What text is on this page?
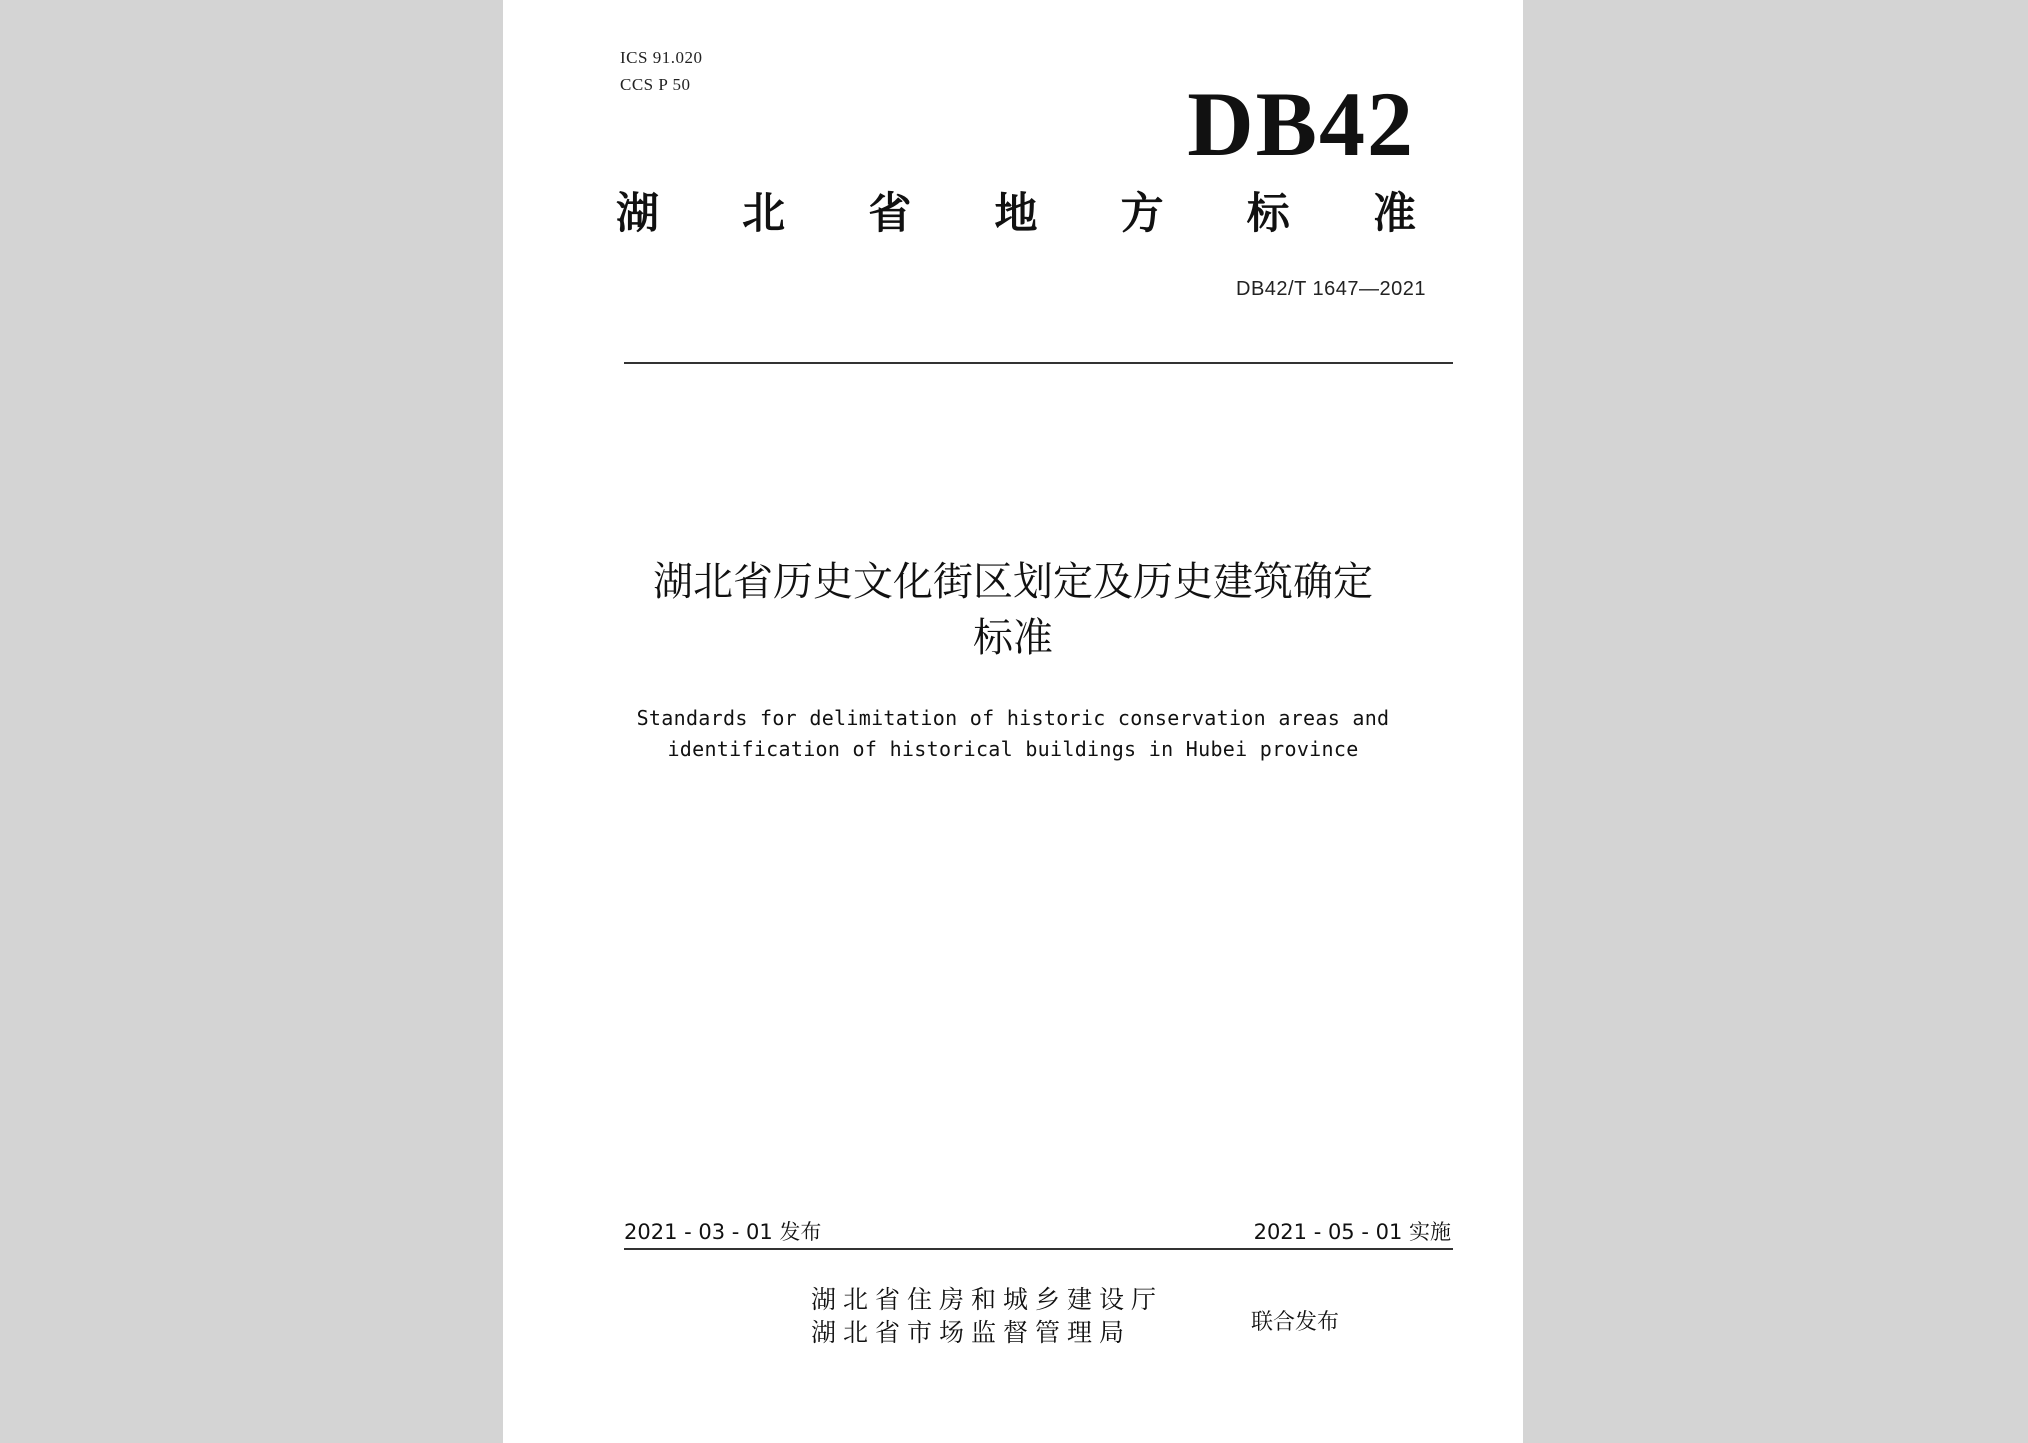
ICS 91.020
CCS P 50	DB42
湖 北 省 地 方 标 准
DB42/T 1647—2021
湖北省历史文化街区划定及历史建筑确定
标准
Standards for delimitation of historic conservation areas and
identification of historical buildings in Hubei province
2021 - 03 - 01 发布	2021 - 05 - 01 实施
湖北省住房和城乡建设厅
湖北省市场监督管理局	联合发布
